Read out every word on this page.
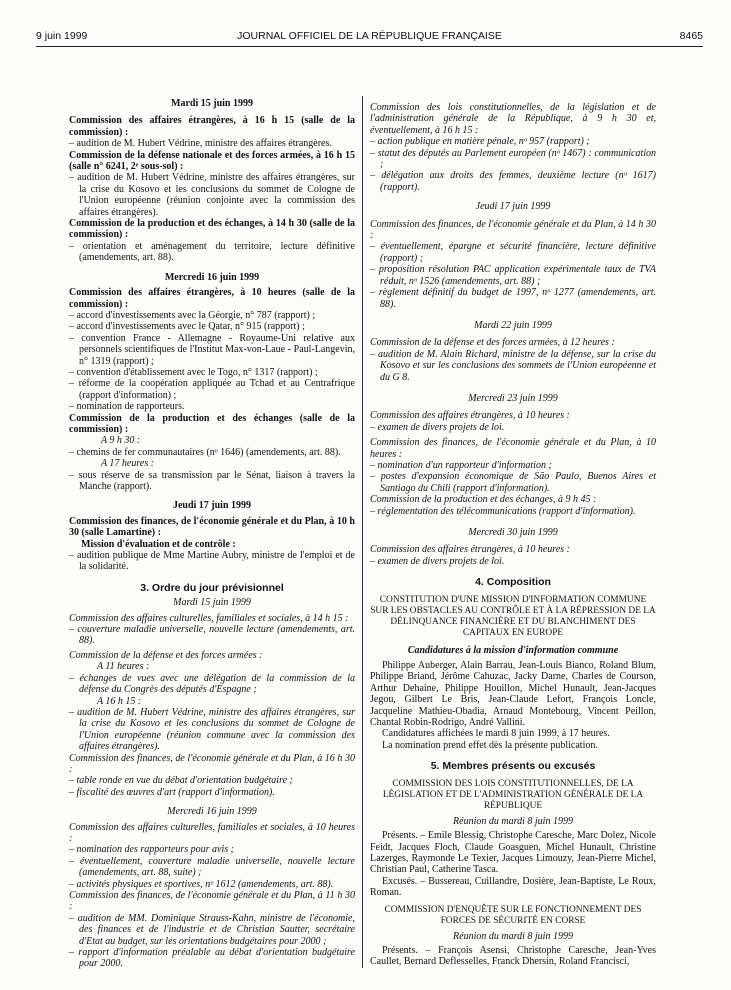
9 juin 1999	JOURNAL OFFICIEL DE LA RÉPUBLIQUE FRANÇAISE	8465

Mardi 15 juin 1999

Commission des affaires étrangères, à 16 h 15 (salle de la commission) :

– audition de M. Hubert Védrine, ministre des affaires étrangères.

Commission de la défense nationale et des forces armées, à 16 h 15 (salle n° 6241, 2ᵉ sous-sol) :

– audition de M. Hubert Védrine, ministre des affaires étrangères, sur la crise du Kosovo et les conclusions du sommet de Cologne de l'Union européenne (réunion conjointe avec la commission des affaires étrangères).

Commission de la production et des échanges, à 14 h 30 (salle de la commission) :

– orientation et aménagement du territoire, lecture définitive (amendements, art. 88).

Mercredi 16 juin 1999

Commission des affaires étrangères, à 10 heures (salle de la commission) :

– accord d'investissements avec la Géorgie, n° 787 (rapport) ;

– accord d'investissements avec le Qatar, n° 915 (rapport) ;

– convention France - Allemagne - Royaume-Uni relative aux personnels scientifiques de l'Institut Max-von-Laue - Paul-Langevin, n° 1319 (rapport) ;

– convention d'établissement avec le Togo, n° 1317 (rapport) ;

– réforme de la coopération appliquée au Tchad et au Centrafrique (rapport d'information) ;

– nomination de rapporteurs.

Commission de la production et des échanges (salle de la commission) :

A 9 h 30 :

– chemins de fer communautaires (nᵒ 1646) (amendements, art. 88).

A 17 heures :

– sous réserve de sa transmission par le Sénat, liaison à travers la Manche (rapport).

Jeudi 17 juin 1999

Commission des finances, de l'économie générale et du Plan, à 10 h 30 (salle Lamartine) :

Mission d'évaluation et de contrôle :

– audition publique de Mme Martine Aubry, ministre de l'emploi et de la solidarité.

3. Ordre du jour prévisionnel

Mardi 15 juin 1999

Commission des affaires culturelles, familiales et sociales, à 14 h 15 :

– couverture maladie universelle, nouvelle lecture (amendements, art. 88).

Commission de la défense et des forces armées :

A 11 heures :

– échanges de vues avec une délégation de la commission de la défense du Congrès des députés d'Espagne ;

A 16 h 15 :

– audition de M. Hubert Védrine, ministre des affaires étrangères, sur la crise du Kosovo et les conclusions du sommet de Cologne de l'Union européenne (réunion commune avec la commission des affaires étrangères).

Commission des finances, de l'économie générale et du Plan, à 16 h 30 :

– table ronde en vue du débat d'orientation budgétaire ;

– fiscalité des œuvres d'art (rapport d'information).

Mercredi 16 juin 1999

Commission des affaires culturelles, familiales et sociales, à 10 heures :

– nomination des rapporteurs pour avis ;

– éventuellement, couverture maladie universelle, nouvelle lecture (amendements, art. 88, suite) ;

– activités physiques et sportives, nᵒ 1612 (amendements, art. 88).

Commission des finances, de l'économie générale et du Plan, à 11 h 30 :

– audition de MM. Dominique Strauss-Kahn, ministre de l'économie, des finances et de l'industrie et de Christian Sautter, secrétaire d'Etat au budget, sur les orientations budgétaires pour 2000 ;

– rapport d'information préalable au débat d'orientation budgétaire pour 2000.

Commission des lois constitutionnelles, de la législation et de l'administration générale de la République, à 9 h 30 et, éventuellement, à 16 h 15 :

– action publique en matière pénale, nᵒ 957 (rapport) ;

– statut des députés au Parlement européen (nᵒ 1467) : communication ;

– délégation aux droits des femmes, deuxième lecture (nᵒ 1617) (rapport).

Jeudi 17 juin 1999

Commission des finances, de l'économie générale et du Plan, à 14 h 30 :

– éventuellement, épargne et sécurité financière, lecture définitive (rapport) ;

– proposition résolution PAC application expérimentale taux de TVA réduit, nᵒ 1526 (amendements, art. 88) ;

– règlement définitif du budget de 1997, nᵒ 1277 (amendements, art. 88).

Mardi 22 juin 1999

Commission de la défense et des forces armées, à 12 heures :

– audition de M. Alain Richard, ministre de la défense, sur la crise du Kosovo et sur les conclusions des sommets de l'Union européenne et du G 8.

Mercredi 23 juin 1999

Commission des affaires étrangères, à 10 heures :

– examen de divers projets de loi.

Commission des finances, de l'économie générale et du Plan, à 10 heures :

– nomination d'un rapporteur d'information ;

– postes d'expansion économique de São Paulo, Buenos Aires et Santiago du Chili (rapport d'information).

Commission de la production et des échanges, à 9 h 45 :

– réglementation des télécommunications (rapport d'information).

Mercredi 30 juin 1999

Commission des affaires étrangères, à 10 heures :

– examen de divers projets de loi.

4. Composition

CONSTITUTION D'UNE MISSION D'INFORMATION COMMUNE SUR LES OBSTACLES AU CONTRÔLE ET À LA RÉPRESSION DE LA DÉLINQUANCE FINANCIÈRE ET DU BLANCHIMENT DES CAPITAUX EN EUROPE

Candidatures à la mission d'information commune

Philippe Auberger, Alain Barrau, Jean-Louis Bianco, Roland Blum, Philippe Briand, Jérôme Cahuzac, Jacky Darne, Charles de Courson, Arthur Dehaine, Philippe Houillon, Michel Hunault, Jean-Jacques Jegou, Gilbert Le Bris, Jean-Claude Lefort, François Loncle, Jacqueline Mathieu-Obadia, Arnaud Montebourg, Vincent Peillon, Chantal Robin-Rodrigo, André Vallini.

Candidatures affichées le mardi 8 juin 1999, à 17 heures.

La nomination prend effet dès la présente publication.

5. Membres présents ou excusés

COMMISSION DES LOIS CONSTITUTIONNELLES, DE LA LÉGISLATION ET DE L'ADMINISTRATION GÉNÉRALE DE LA RÉPUBLIQUE

Réunion du mardi 8 juin 1999

Présents. – Emile Blessig, Christophe Caresche, Marc Dolez, Nicole Feidt, Jacques Floch, Claude Goasguen, Michel Hunault, Christine Lazerges, Raymonde Le Texier, Jacques Limouzy, Jean-Pierre Michel, Christian Paul, Catherine Tasca.

Excusés. – Bussereau, Cuillandre, Dosière, Jean-Baptiste, Le Roux, Roman.

COMMISSION D'ENQUÊTE SUR LE FONCTIONNEMENT DES FORCES DE SÉCURITÉ EN CORSE

Réunion du mardi 8 juin 1999

Présents. – François Asensi, Christophe Caresche, Jean-Yves Caullet, Bernard Deflesselles, Franck Dhersin, Roland Francisci,
